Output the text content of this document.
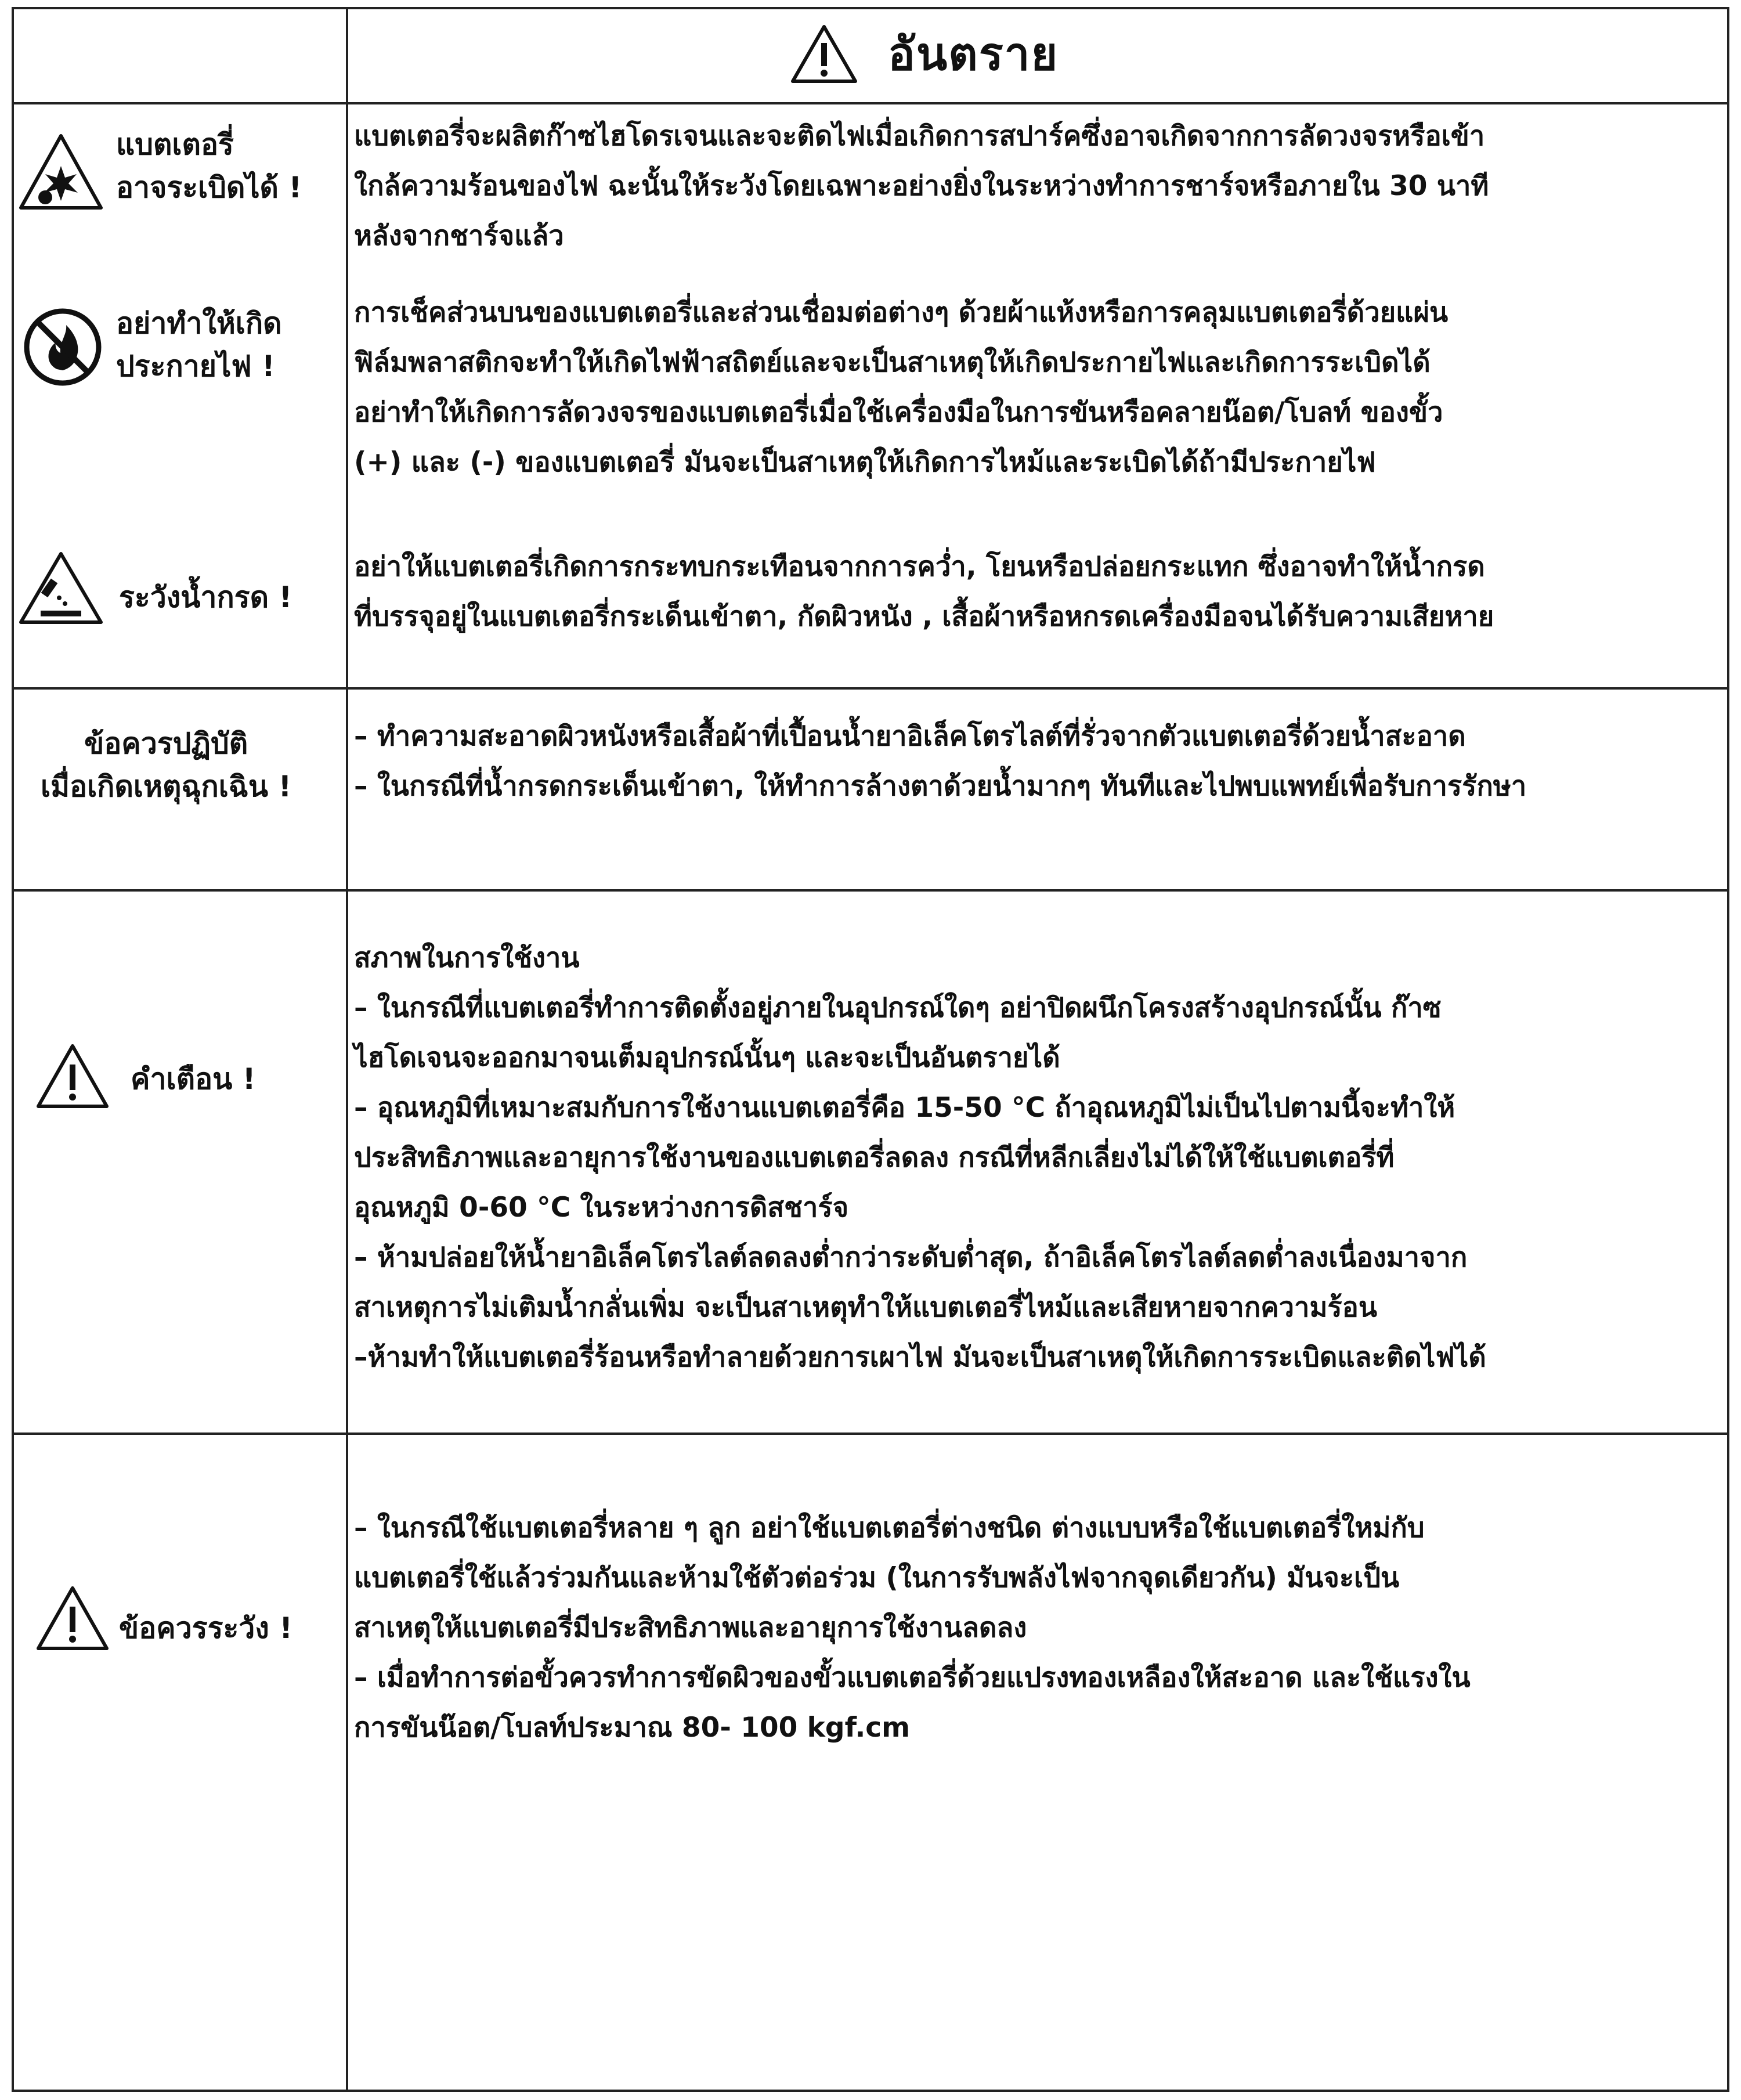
อันตราย
แบตเตอรี่
อาจระเบิดได้ !
แบตเตอรี่จะผลิตก๊าซไฮโดรเจนและจะติดไฟเมื่อเกิดการสปาร์คซึ่งอาจเกิดจากการลัดวงจรหรือเข้า
ใกล้ความร้อนของไฟ ฉะนั้นให้ระวังโดยเฉพาะอย่างยิ่งในระหว่างทำการชาร์จหรือภายใน 30 นาที
หลังจากชาร์จแล้ว
อย่าทำให้เกิด
ประกายไฟ !
การเช็คส่วนบนของแบตเตอรี่และส่วนเชื่อมต่อต่างๆ ด้วยผ้าแห้งหรือการคลุมแบตเตอรี่ด้วยแผ่น
ฟิล์มพลาสติกจะทำให้เกิดไฟฟ้าสถิตย์และจะเป็นสาเหตุให้เกิดประกายไฟและเกิดการระเบิดได้
อย่าทำให้เกิดการลัดวงจรของแบตเตอรี่เมื่อใช้เครื่องมือในการขันหรือคลายน๊อต/โบลท์ ของขั้ว
(+) และ (-) ของแบตเตอรี่ มันจะเป็นสาเหตุให้เกิดการไหม้และระเบิดได้ถ้ามีประกายไฟ
ระวังน้ำกรด !
อย่าให้แบตเตอรี่เกิดการกระทบกระเทือนจากการคว่ำ, โยนหรือปล่อยกระแทก ซึ่งอาจทำให้น้ำกรด
ที่บรรจุอยู่ในแบตเตอรี่กระเด็นเข้าตา, กัดผิวหนัง , เสื้อผ้าหรือหกรดเครื่องมือจนได้รับความเสียหาย
ข้อควรปฏิบัติ
เมื่อเกิดเหตุฉุกเฉิน !
– ทำความสะอาดผิวหนังหรือเสื้อผ้าที่เปื้อนน้ำยาอิเล็คโตรไลต์ที่รั่วจากตัวแบตเตอรี่ด้วยน้ำสะอาด
– ในกรณีที่น้ำกรดกระเด็นเข้าตา, ให้ทำการล้างตาด้วยน้ำมากๆ ทันทีและไปพบแพทย์เพื่อรับการรักษา
คำเตือน !
สภาพในการใช้งาน
– ในกรณีที่แบตเตอรี่ทำการติดตั้งอยู่ภายในอุปกรณ์ใดๆ อย่าปิดผนึกโครงสร้างอุปกรณ์นั้น ก๊าซ
ไฮโดเจนจะออกมาจนเต็มอุปกรณ์นั้นๆ และจะเป็นอันตรายได้
– อุณหภูมิที่เหมาะสมกับการใช้งานแบตเตอรี่คือ 15-50 °C ถ้าอุณหภูมิไม่เป็นไปตามนี้จะทำให้
ประสิทธิภาพและอายุการใช้งานของแบตเตอรี่ลดลง กรณีที่หลีกเลี่ยงไม่ได้ให้ใช้แบตเตอรี่ที่
อุณหภูมิ 0-60 °C ในระหว่างการดิสชาร์จ
– ห้ามปล่อยให้น้ำยาอิเล็คโตรไลต์ลดลงต่ำกว่าระดับต่ำสุด, ถ้าอิเล็คโตรไลต์ลดต่ำลงเนื่องมาจาก
สาเหตุการไม่เติมน้ำกลั่นเพิ่ม จะเป็นสาเหตุทำให้แบตเตอรี่ไหม้และเสียหายจากความร้อน
–ห้ามทำให้แบตเตอรี่ร้อนหรือทำลายด้วยการเผาไฟ มันจะเป็นสาเหตุให้เกิดการระเบิดและติดไฟได้
ข้อควรระวัง !
– ในกรณีใช้แบตเตอรี่หลาย ๆ ลูก อย่าใช้แบตเตอรี่ต่างชนิด ต่างแบบหรือใช้แบตเตอรี่ใหม่กับ
แบตเตอรี่ใช้แล้วร่วมกันและห้ามใช้ตัวต่อร่วม (ในการรับพลังไฟจากจุดเดียวกัน) มันจะเป็น
สาเหตุให้แบตเตอรี่มีประสิทธิภาพและอายุการใช้งานลดลง
– เมื่อทำการต่อขั้วควรทำการขัดผิวของขั้วแบตเตอรี่ด้วยแปรงทองเหลืองให้สะอาด และใช้แรงใน
การขันน๊อต/โบลท์ประมาณ 80- 100 kgf.cm
